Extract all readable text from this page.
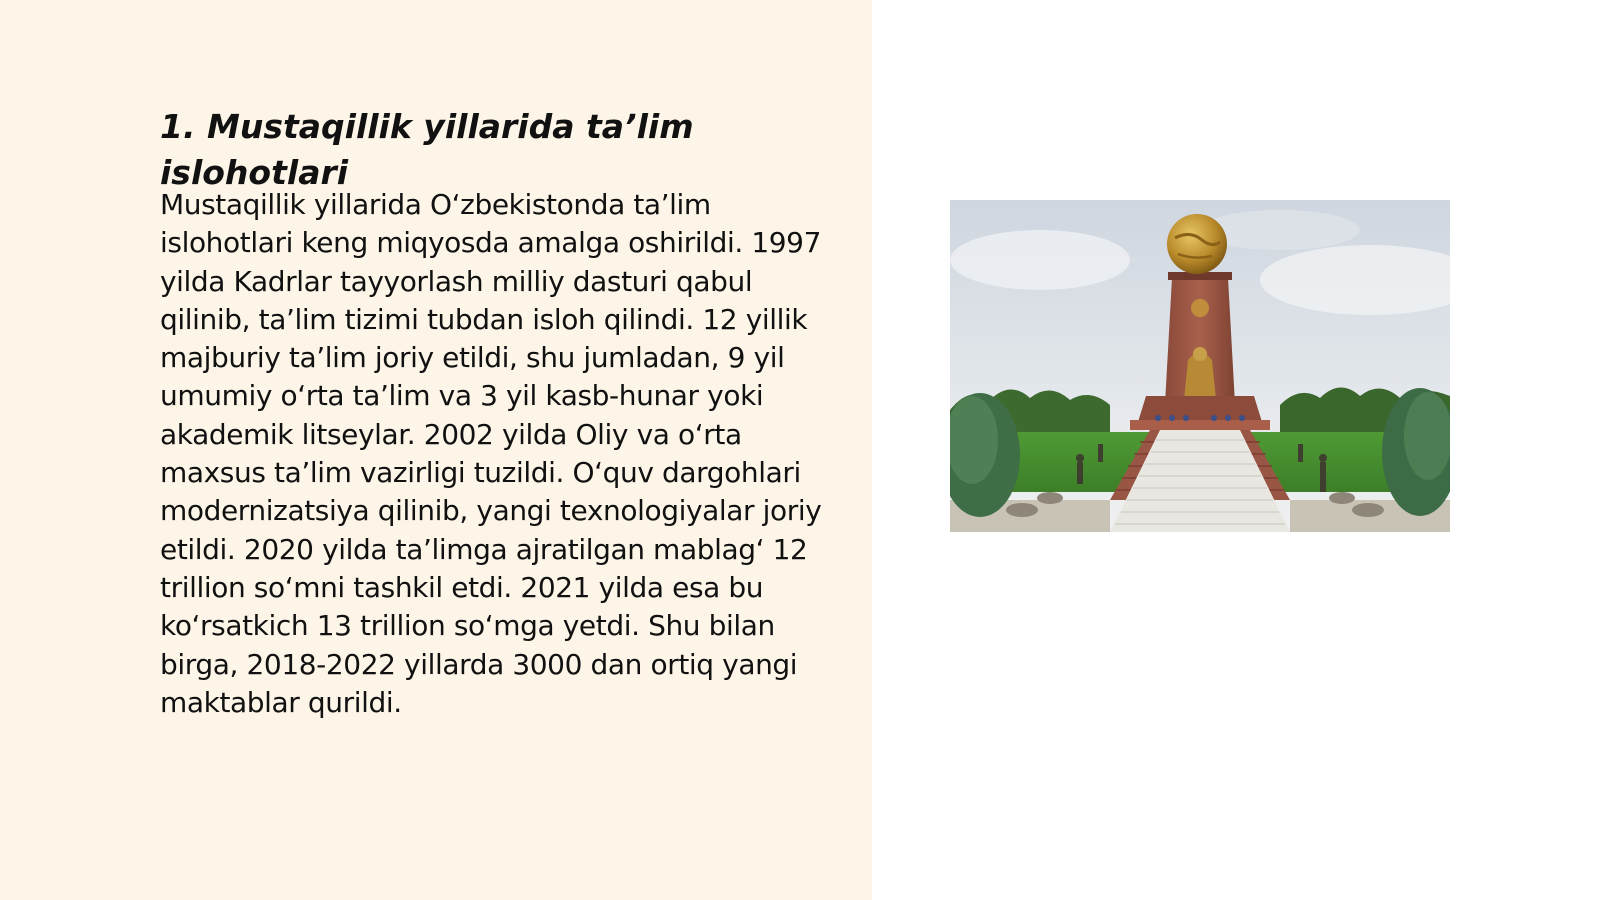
1. Mustaqillik yillarida ta’lim islohotlari

Mustaqillik yillarida O‘zbekistonda ta’lim islohotlari keng miqyosda amalga oshirildi. 1997 yilda Kadrlar tayyorlash milliy dasturi qabul qilinib, ta’lim tizimi tubdan isloh qilindi. 12 yillik majburiy ta’lim joriy etildi, shu jumladan, 9 yil umumiy o‘rta ta’lim va 3 yil kasb-hunar yoki akademik litseylar. 2002 yilda Oliy va o‘rta maxsus ta’lim vazirligi tuzildi. O‘quv dargohlari modernizatsiya qilinib, yangi texnologiyalar joriy etildi. 2020 yilda ta’limga ajratilgan mablag‘ 12 trillion so‘mni tashkil etdi. 2021 yilda esa bu ko‘rsatkich 13 trillion so‘mga yetdi. Shu bilan birga, 2018-2022 yillarda 3000 dan ortiq yangi maktablar qurildi.
